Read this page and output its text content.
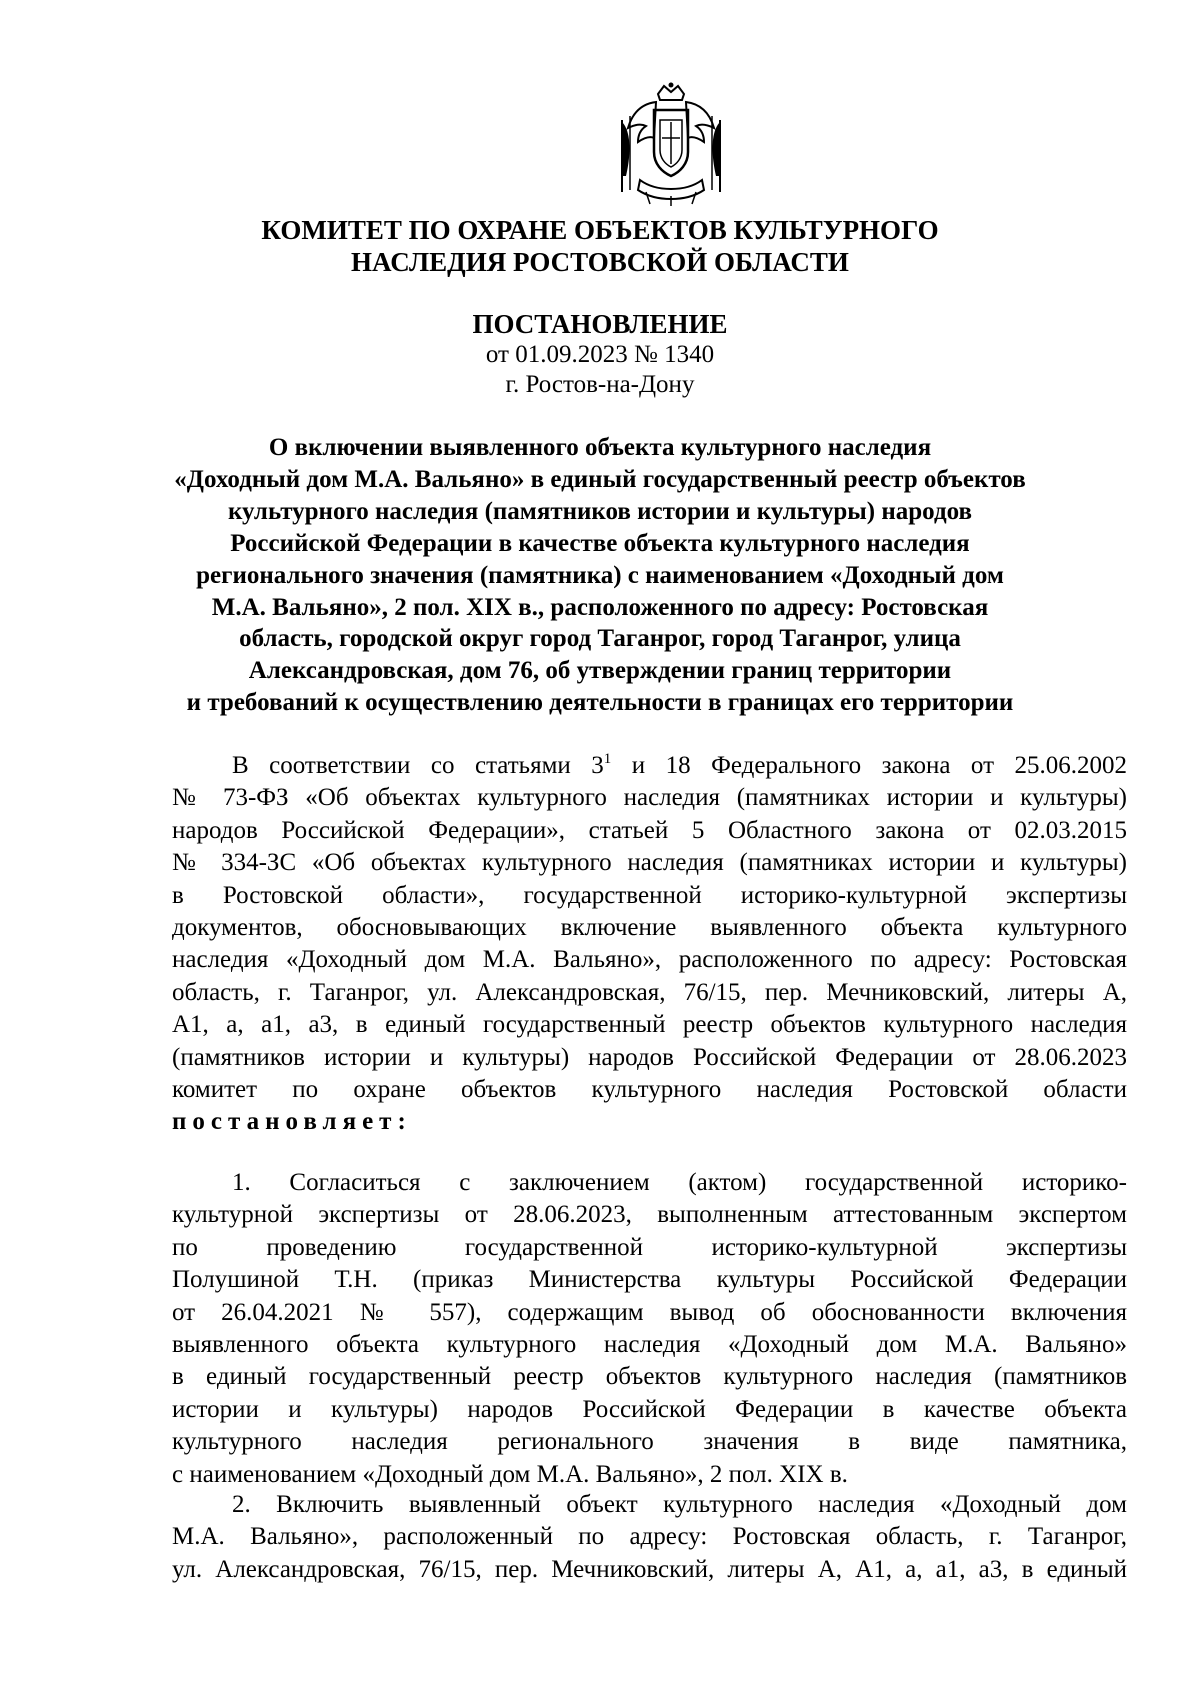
КОМИТЕТ ПО ОХРАНЕ ОБЪЕКТОВ КУЛЬТУРНОГО
НАСЛЕДИЯ РОСТОВСКОЙ ОБЛАСТИ
ПОСТАНОВЛЕНИЕ
от 01.09.2023 № 1340
г. Ростов-на-Дону
О включении выявленного объекта культурного наследия
«Доходный дом М.А. Вальяно» в единый государственный реестр объектов
культурного наследия (памятников истории и культуры) народов
Российской Федерации в качестве объекта культурного наследия
регионального значения (памятника) с наименованием «Доходный дом
М.А. Вальяно», 2 пол. XIX в., расположенного по адресу: Ростовская
область, городской округ город Таганрог, город Таганрог, улица
Александровская, дом 76, об утверждении границ территории
и требований к осуществлению деятельности в границах его территории
В соответствии со статьями $3^1$ и 18 Федерального закона от 25.06.2002
№ 73-ФЗ «Об объектах культурного наследия (памятниках истории и культуры)
народов Российской Федерации», статьей 5 Областного закона от 02.03.2015
№ 334-ЗС «Об объектах культурного наследия (памятниках истории и культуры)
в Ростовской области», государственной историко-культурной экспертизы
документов, обосновывающих включение выявленного объекта культурного
наследия «Доходный дом М.А. Вальяно», расположенного по адресу: Ростовская
область, г. Таганрог, ул. Александровская, 76/15, пер. Мечниковский, литеры А,
А1, а, а1, а3, в единый государственный реестр объектов культурного наследия
(памятников истории и культуры) народов Российской Федерации от 28.06.2023
комитет по охране объектов культурного наследия Ростовской области
постановляет:
1. Согласиться с заключением (актом) государственной историко-
культурной экспертизы от 28.06.2023, выполненным аттестованным экспертом
по проведению государственной историко-культурной экспертизы
Полушиной Т.Н. (приказ Министерства культуры Российской Федерации
от 26.04.2021 № 557), содержащим вывод об обоснованности включения
выявленного объекта культурного наследия «Доходный дом М.А. Вальяно»
в единый государственный реестр объектов культурного наследия (памятников
истории и культуры) народов Российской Федерации в качестве объекта
культурного наследия регионального значения в виде памятника,
с наименованием «Доходный дом М.А. Вальяно», 2 пол. XIX в.
2. Включить выявленный объект культурного наследия «Доходный дом
М.А. Вальяно», расположенный по адресу: Ростовская область, г. Таганрог,
ул. Александровская, 76/15, пер. Мечниковский, литеры А, А1, а, а1, а3, в единый
